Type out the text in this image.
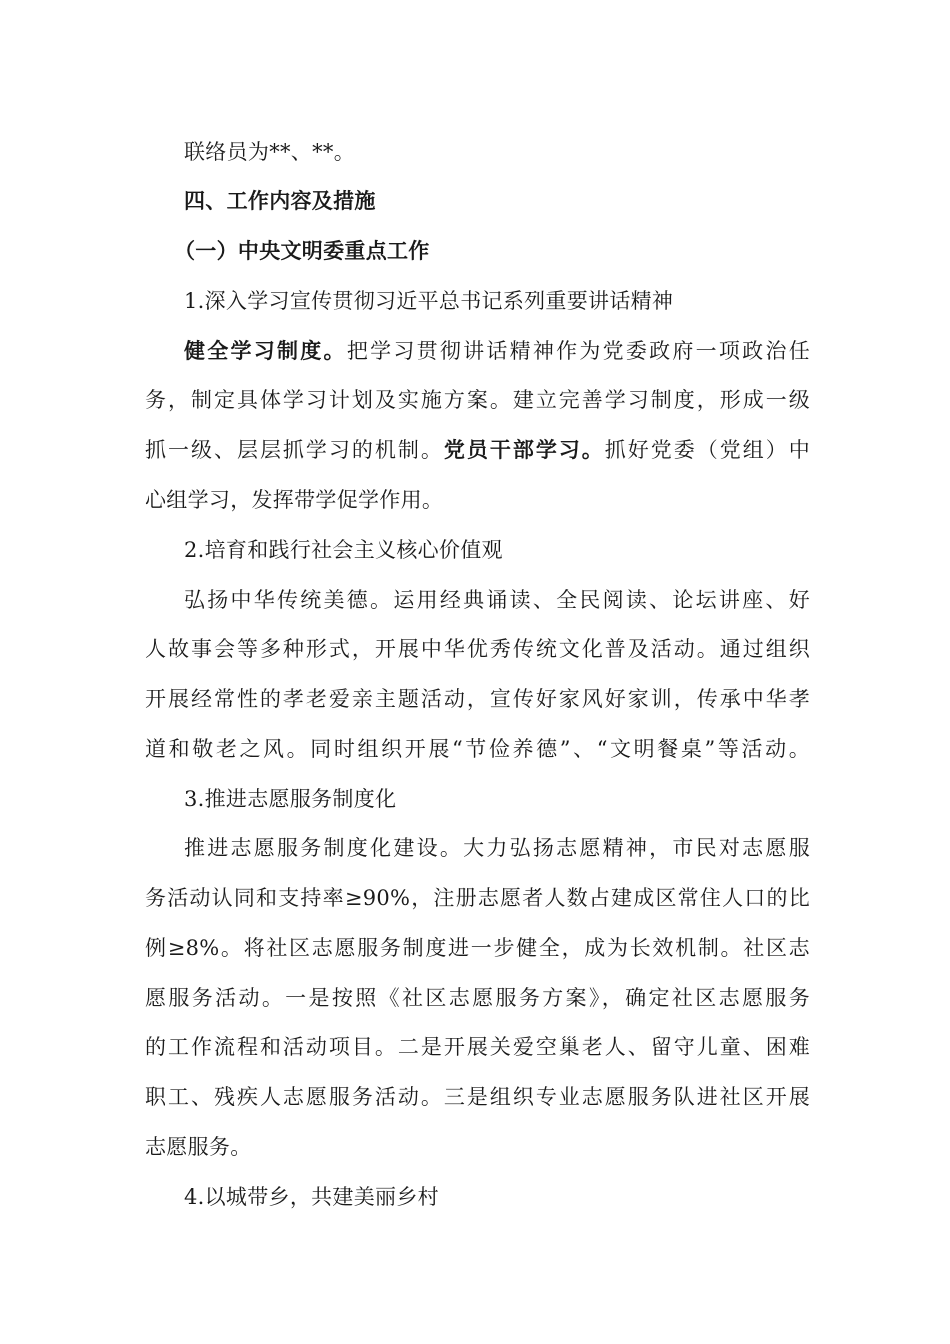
联络员为**、**。
四、工作内容及措施
（一）中央文明委重点工作
1.深入学习宣传贯彻习近平总书记系列重要讲话精神
健全学习制度。把学习贯彻讲话精神作为党委政府一项政治任
务，制定具体学习计划及实施方案。建立完善学习制度，形成一级
抓一级、层层抓学习的机制。党员干部学习。抓好党委（党组）中
心组学习，发挥带学促学作用。
2.培育和践行社会主义核心价值观
弘扬中华传统美德。运用经典诵读、全民阅读、论坛讲座、好
人故事会等多种形式，开展中华优秀传统文化普及活动。通过组织
开展经常性的孝老爱亲主题活动，宣传好家风好家训，传承中华孝
道和敬老之风。同时组织开展“节俭养德”、“文明餐桌”等活动。
3.推进志愿服务制度化
推进志愿服务制度化建设。大力弘扬志愿精神，市民对志愿服
务活动认同和支持率≥90%，注册志愿者人数占建成区常住人口的比
例≥8%。将社区志愿服务制度进一步健全，成为长效机制。社区志
愿服务活动。一是按照《社区志愿服务方案》，确定社区志愿服务
的工作流程和活动项目。二是开展关爱空巢老人、留守儿童、困难
职工、残疾人志愿服务活动。三是组织专业志愿服务队进社区开展
志愿服务。
4.以城带乡，共建美丽乡村
